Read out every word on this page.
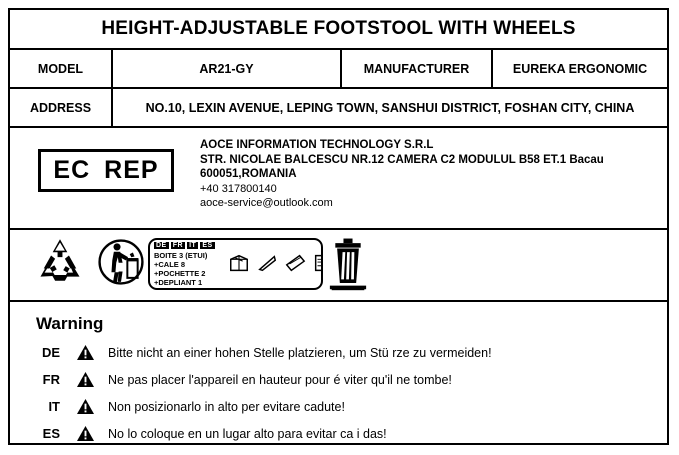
HEIGHT-ADJUSTABLE FOOTSTOOL WITH WHEELS
MODEL	AR21-GY	MANUFACTURER	EUREKA ERGONOMIC
ADDRESS	NO.10, LEXIN AVENUE, LEPING TOWN, SANSHUI DISTRICT, FOSHAN CITY, CHINA
EC REP
AOCE INFORMATION TECHNOLOGY S.R.L
STR. NICOLAE BALCESCU NR.12 CAMERA C2 MODULUL B58 ET.1 Bacau
600051,ROMANIA
+40 317800140
aoce-service@outlook.com
DE FR IT ES
BOITE 3 (ETUI)
+CALE 8
+POCHETTE 2
+DEPLIANT 1
Warning
DE	Bitte nicht an einer hohen Stelle platzieren, um Stü rze zu vermeiden!
FR	Ne pas placer l'appareil en hauteur pour é viter qu'il ne tombe!
IT	Non posizionarlo in alto per evitare cadute!
ES	No lo coloque en un lugar alto para evitar ca i das!
